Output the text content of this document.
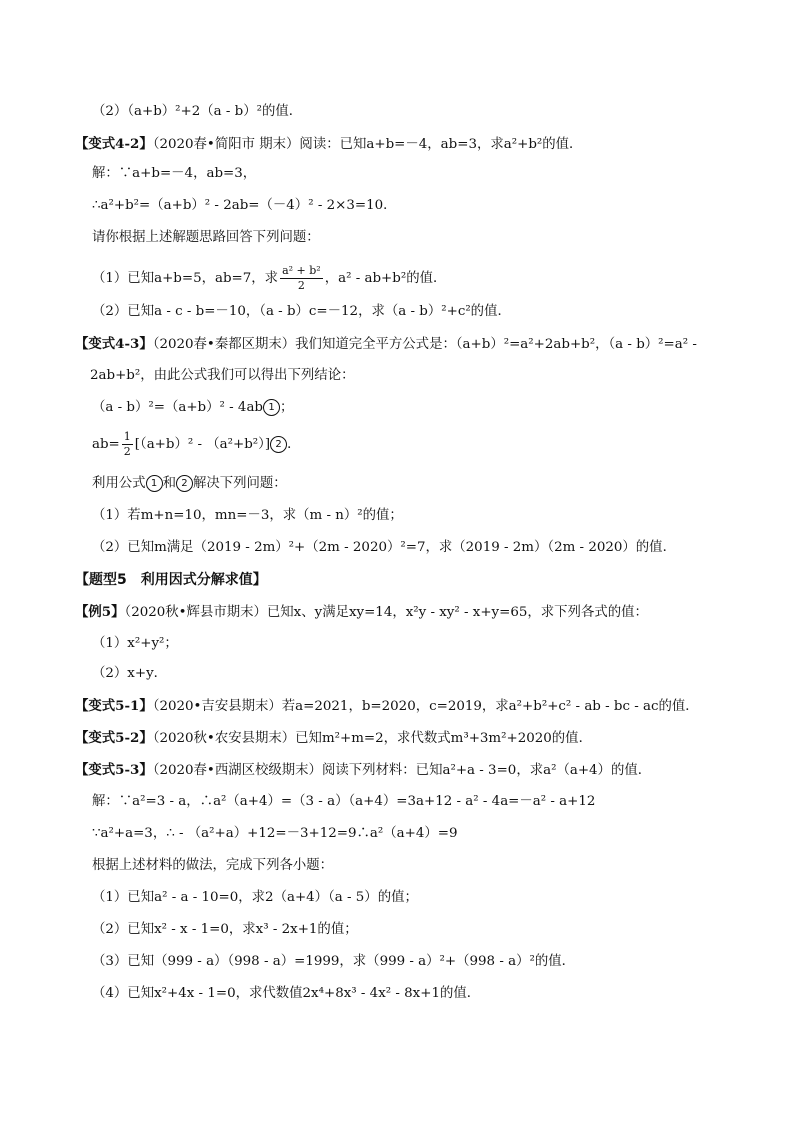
（2）（a+b）²+2（a - b）²的值．
【变式4-2】（2020春•简阳市 期末）阅读：已知a+b=－4，ab=3，求a²+b²的值．
解：∵a+b=－4，ab=3，
∴a²+b²=（a+b）² - 2ab=（－4）² - 2×3=10．
请你根据上述解题思路回答下列问题：
（1）已知a+b=5，ab=7，求 $\frac{\text{a² + b²}}{2}$ ，a² - ab+b²的值．
（2）已知a - c - b=－10，（a - b）c=－12，求（a - b）²+c²的值．
【变式4-3】（2020春•秦都区期末）我们知道完全平方公式是：（a+b）²=a²+2ab+b²，（a - b）²=a² -
2ab+b²，由此公式我们可以得出下列结论：
（a - b）²=（a+b）² - 4ab 1 ；
$ab= \frac{1}{2} [(a+b)^2 - (a^2+b^2)]$ 2 ．
利用公式 1 和 2 解决下列问题：
（1）若m+n=10，mn=－3，求（m - n）²的值；
（2）已知m满足（2019 - 2m）²+（2m - 2020）²=7，求（2019 - 2m）（2m - 2020）的值．
【题型5　利用因式分解求值】
【例5】（2020秋•辉县市期末）已知x、y满足xy=14，x²y - xy² - x+y=65，求下列各式的值：
（1）x²+y²；
（2）x+y．
【变式5-1】（2020•吉安县期末）若a=2021，b=2020，c=2019，求a²+b²+c² - ab - bc - ac的值．
【变式5-2】（2020秋•农安县期末）已知m²+m=2，求代数式m³+3m²+2020的值．
【变式5-3】（2020春•西湖区校级期末）阅读下列材料：已知a²+a - 3=0，求a²（a+4）的值．
解：∵a²=3 - a，∴a²（a+4）=（3 - a）（a+4）=3a+12 - a² - 4a=－a² - a+12
∵a²+a=3，∴ - （a²+a）+12=－3+12=9∴a²（a+4）=9
根据上述材料的做法，完成下列各小题：
（1）已知a² - a - 10=0，求2（a+4）（a - 5）的值；
（2）已知x² - x - 1=0，求x³ - 2x+1的值；
（3）已知（999 - a）（998 - a）=1999，求（999 - a）²+（998 - a）²的值．
（4）已知x²+4x - 1=0，求代数值2x⁴+8x³ - 4x² - 8x+1的值．
